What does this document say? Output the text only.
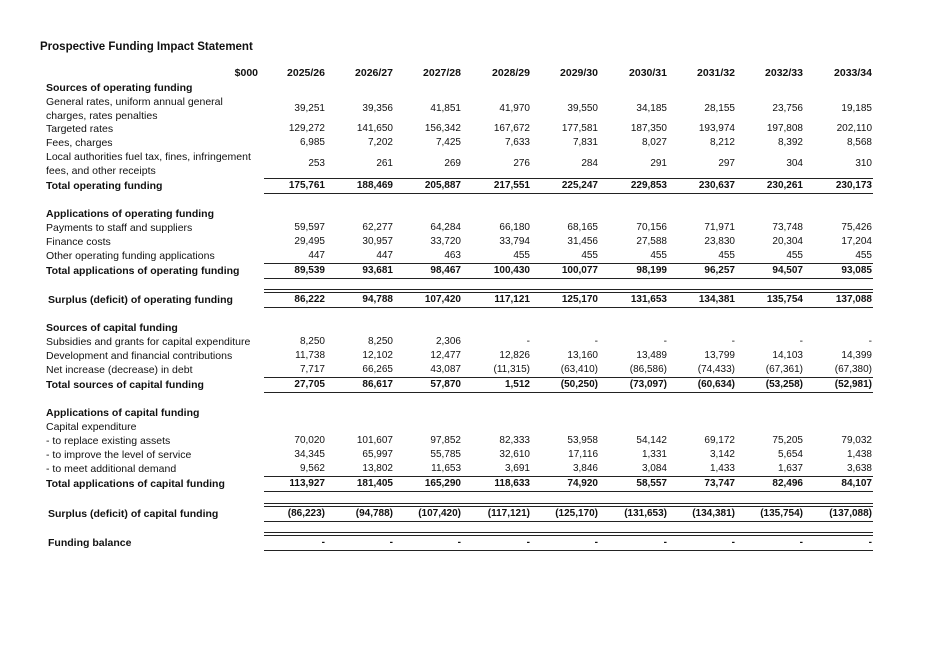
Prospective Funding Impact Statement
$000	2025/26	2026/27	2027/28	2028/29	2029/30	2030/31	2031/32	2032/33	2033/34
Sources of operating funding
General rates, uniform annual general charges, rates penalties
39,251	39,356	41,851	41,970	39,550	34,185	28,155	23,756	19,185
Targeted rates	129,272	141,650	156,342	167,672	177,581	187,350	193,974	197,808	202,110
Fees, charges	6,985	7,202	7,425	7,633	7,831	8,027	8,212	8,392	8,568
Local authorities fuel tax, fines, infringement fees, and other receipts
253	261	269	276	284	291	297	304	310
Total operating funding	175,761	188,469	205,887	217,551	225,247	229,853	230,637	230,261	230,173
Applications of operating funding
Payments to staff and suppliers	59,597	62,277	64,284	66,180	68,165	70,156	71,971	73,748	75,426
Finance costs	29,495	30,957	33,720	33,794	31,456	27,588	23,830	20,304	17,204
Other operating funding applications	447	447	463	455	455	455	455	455	455
Total applications of operating funding	89,539	93,681	98,467	100,430	100,077	98,199	96,257	94,507	93,085
Surplus (deficit) of operating funding	86,222	94,788	107,420	117,121	125,170	131,653	134,381	135,754	137,088
Sources of capital funding
Subsidies and grants for capital expenditure	8,250	8,250	2,306	-	-	-	-	-	-
Development and financial contributions	11,738	12,102	12,477	12,826	13,160	13,489	13,799	14,103	14,399
Net increase (decrease) in debt	7,717	66,265	43,087	(11,315)	(63,410)	(86,586)	(74,433)	(67,361)	(67,380)
Total sources of capital funding	27,705	86,617	57,870	1,512	(50,250)	(73,097)	(60,634)	(53,258)	(52,981)
Applications of capital funding
Capital expenditure
- to replace existing assets	70,020	101,607	97,852	82,333	53,958	54,142	69,172	75,205	79,032
- to improve the level of service	34,345	65,997	55,785	32,610	17,116	1,331	3,142	5,654	1,438
- to meet additional demand	9,562	13,802	11,653	3,691	3,846	3,084	1,433	1,637	3,638
Total applications of capital funding	113,927	181,405	165,290	118,633	74,920	58,557	73,747	82,496	84,107
Surplus (deficit) of capital funding	(86,223)	(94,788)	(107,420)	(117,121)	(125,170)	(131,653)	(134,381)	(135,754)	(137,088)
Funding balance	-	-	-	-	-	-	-	-	-
